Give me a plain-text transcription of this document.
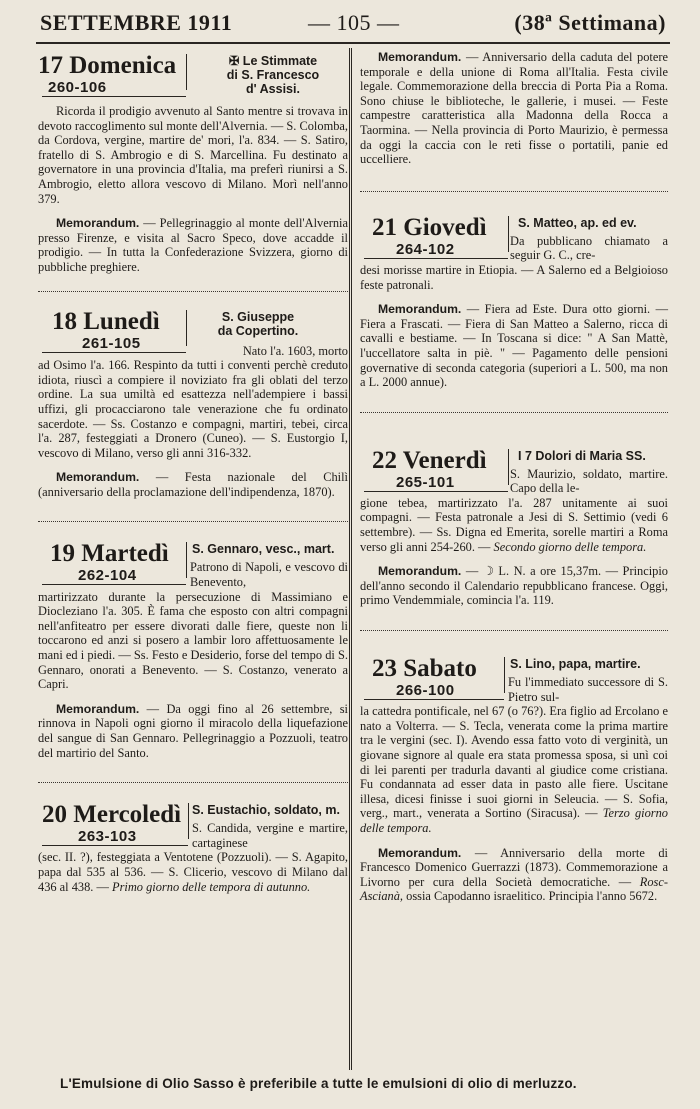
SETTEMBRE 1911	— 105 —	(38ª Settimana)
17 Domenica
260-106
✠ Le Stimmate
di S. Francesco
d' Assisi.

Ricorda il prodigio avvenuto al Santo mentre si trovava in devoto raccoglimento sul monte dell'Alvernia. — S. Colomba, da Cordova, vergine, martire de' mori, l'a. 834. — S. Satiro, fratello di S. Ambrogio e di S. Marcellina. Fu destinato a governatore in una provincia d'Italia, ma preferì riunirsi a S. Ambrogio, eletto allora vescovo di Milano. Morì nell'anno 379.

Memorandum. — Pellegrinaggio al monte dell'Alvernia presso Firenze, e visita al Sacro Speco, dove accadde il prodigio. — In tutta la Confederazione Svizzera, giorno di pubbliche preghiere.

18 Lunedì
261-105
S. Giuseppe
da Copertino.

Nato l'a. 1603, morto

ad Osimo l'a. 166. Respinto da tutti i conventi perchè creduto idiota, riuscì a compiere il noviziato fra gli oblati del terzo ordine. La sua umiltà ed esattezza nell'adempiere i bassi uffizi, gli procacciarono tale venerazione che fu ordinato sacerdote. — Ss. Costanzo e compagni, martiri, tebei, circa l'a. 287, festeggiati a Dronero (Cuneo). — S. Eustorgio I, vescovo di Milano, verso gli anni 316-332.

Memorandum. — Festa nazionale del Chilì (anniversario della proclamazione dell'indipendenza, 1870).

19 Martedì
262-104
S. Gennaro, vesc., mart.

Patrono di Napoli, e vescovo di Benevento,

martirizzato durante la persecuzione di Massimiano e Diocleziano l'a. 305. È fama che esposto con altri compagni nell'anfiteatro per essere divorati dalle fiere, queste non li toccarono ed anzi si posero a lambir loro affettuosamente le mani ed i piedi. — Ss. Festo e Desiderio, forse del tempo di S. Gennaro, onorati a Benevento. — S. Costanzo, venerato a Capri.

Memorandum. — Da oggi fino al 26 settembre, si rinnova in Napoli ogni giorno il miracolo della liquefazione del sangue di San Gennaro. Pellegrinaggio a Pozzuoli, teatro del martirio del Santo.

20 Mercoledì
263-103
S. Eustachio, soldato, m.

S. Candida, vergine e martire, cartaginese

(sec. II. ?), festeggiata a Ventotene (Pozzuoli). — S. Agapito, papa dal 535 al 536. — S. Clicerio, vescovo di Milano dal 436 al 438. — Primo giorno delle tempora di autunno.

Memorandum. — Anniversario della caduta del potere temporale e della unione di Roma all'Italia. Festa civile legale. Commemorazione della breccia di Porta Pia a Roma. Sono chiuse le biblioteche, le gallerie, i musei. — Feste campestre caratteristica alla Madonna della Rocca a Taormina. — Nella provincia di Porto Maurizio, è permessa da oggi la caccia con le reti fisse o portatili, panie ed uccelliere.

21 Giovedì
264-102
S. Matteo, ap. ed ev.

Da pubblicano chiamato a seguir G. C., cre-

desi morisse martire in Etiopia. — A Salerno ed a Belgioioso feste patronali.

Memorandum. — Fiera ad Este. Dura otto giorni. — Fiera a Frascati. — Fiera di San Matteo a Salerno, ricca di cavalli e bestiame. — In Toscana si dice: " A San Mattè, l'uccellatore salta in piè. " — Pagamento delle pensioni governative di seconda categoria (superiori a L. 500, ma non a L. 2000 annue).

22 Venerdì
265-101
I 7 Dolori di Maria SS.

S. Maurizio, soldato, martire. Capo della le-

gione tebea, martirizzato l'a. 287 unitamente ai suoi compagni. — Festa patronale a Jesi di S. Settimio (vedi 6 settembre). — Ss. Digna ed Emerita, sorelle martiri a Roma verso gli anni 254-260. — Secondo giorno delle tempora.

Memorandum. — ☽ L. N. a ore 15,37m. — Principio dell'anno secondo il Calendario repubblicano francese. Oggi, primo Vendemmiale, comincia l'a. 119.

23 Sabato
266-100
S. Lino, papa, martire.

Fu l'immediato successore di S. Pietro sul-

la cattedra pontificale, nel 67 (o 76?). Era figlio ad Ercolano e nato a Volterra. — S. Tecla, venerata come la prima martire tra le vergini (sec. I). Avendo essa fatto voto di verginità, un giovane signore al quale era stata promessa sposa, si unì coi di lei parenti per tradurla davanti al giudice come cristiana. Fu condannata ad esser data in pasto alle fiere. Uscitane illesa, dicesi finisse i suoi giorni in Seleucia. — S. Sofia, verg., mart., venerata a Sortino (Siracusa). — Terzo giorno delle tempora.

Memorandum. — Anniversario della morte di Francesco Domenico Guerrazzi (1873). Commemorazione a Livorno per cura della Società democratiche. — Rosc-Ascianà, ossia Capodanno israelitico. Principia l'anno 5672.

L'Emulsione di Olio Sasso è preferibile a tutte le emulsioni di olio di merluzzo.
